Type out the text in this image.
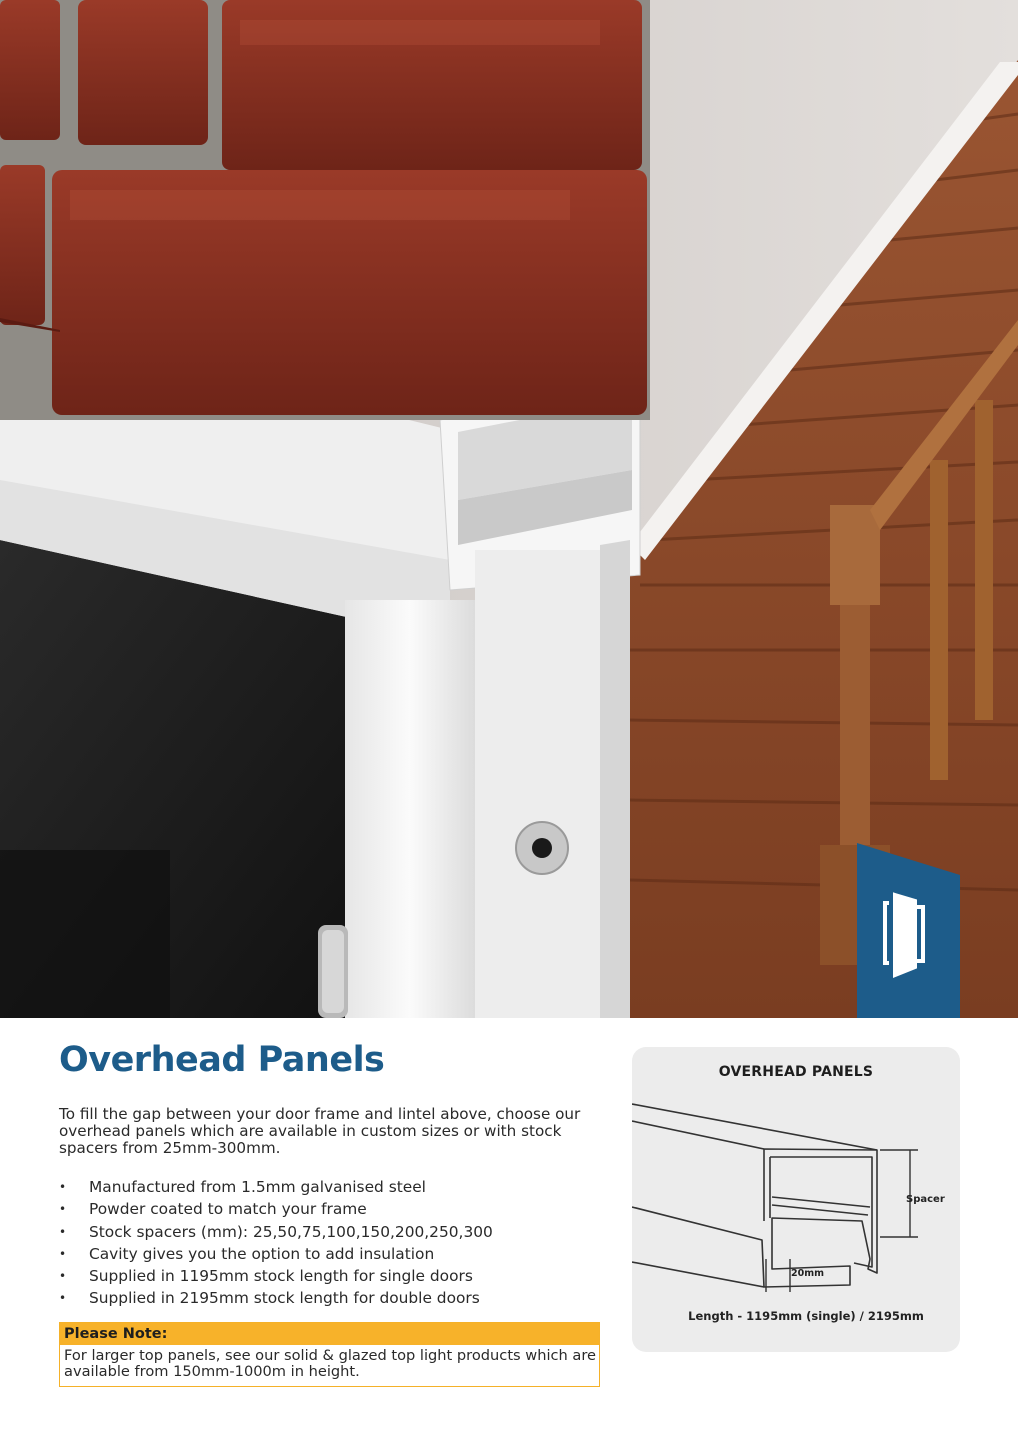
Overhead Panels

To fill the gap between your door frame and lintel above, choose our overhead panels which are available in custom sizes or with stock spacers from 25mm-300mm.

• Manufactured from 1.5mm galvanised steel
• Powder coated to match your frame
• Stock spacers (mm): 25,50,75,100,150,200,250,300
• Cavity gives you the option to add insulation
• Supplied in 1195mm stock length for single doors
• Supplied in 2195mm stock length for double doors
Please Note:
For larger top panels, see our solid & glazed top light products which are available from 150mm-1000m in height.
OVERHEAD PANELS
Spacer
20mm
Length - 1195mm (single) / 2195mm
